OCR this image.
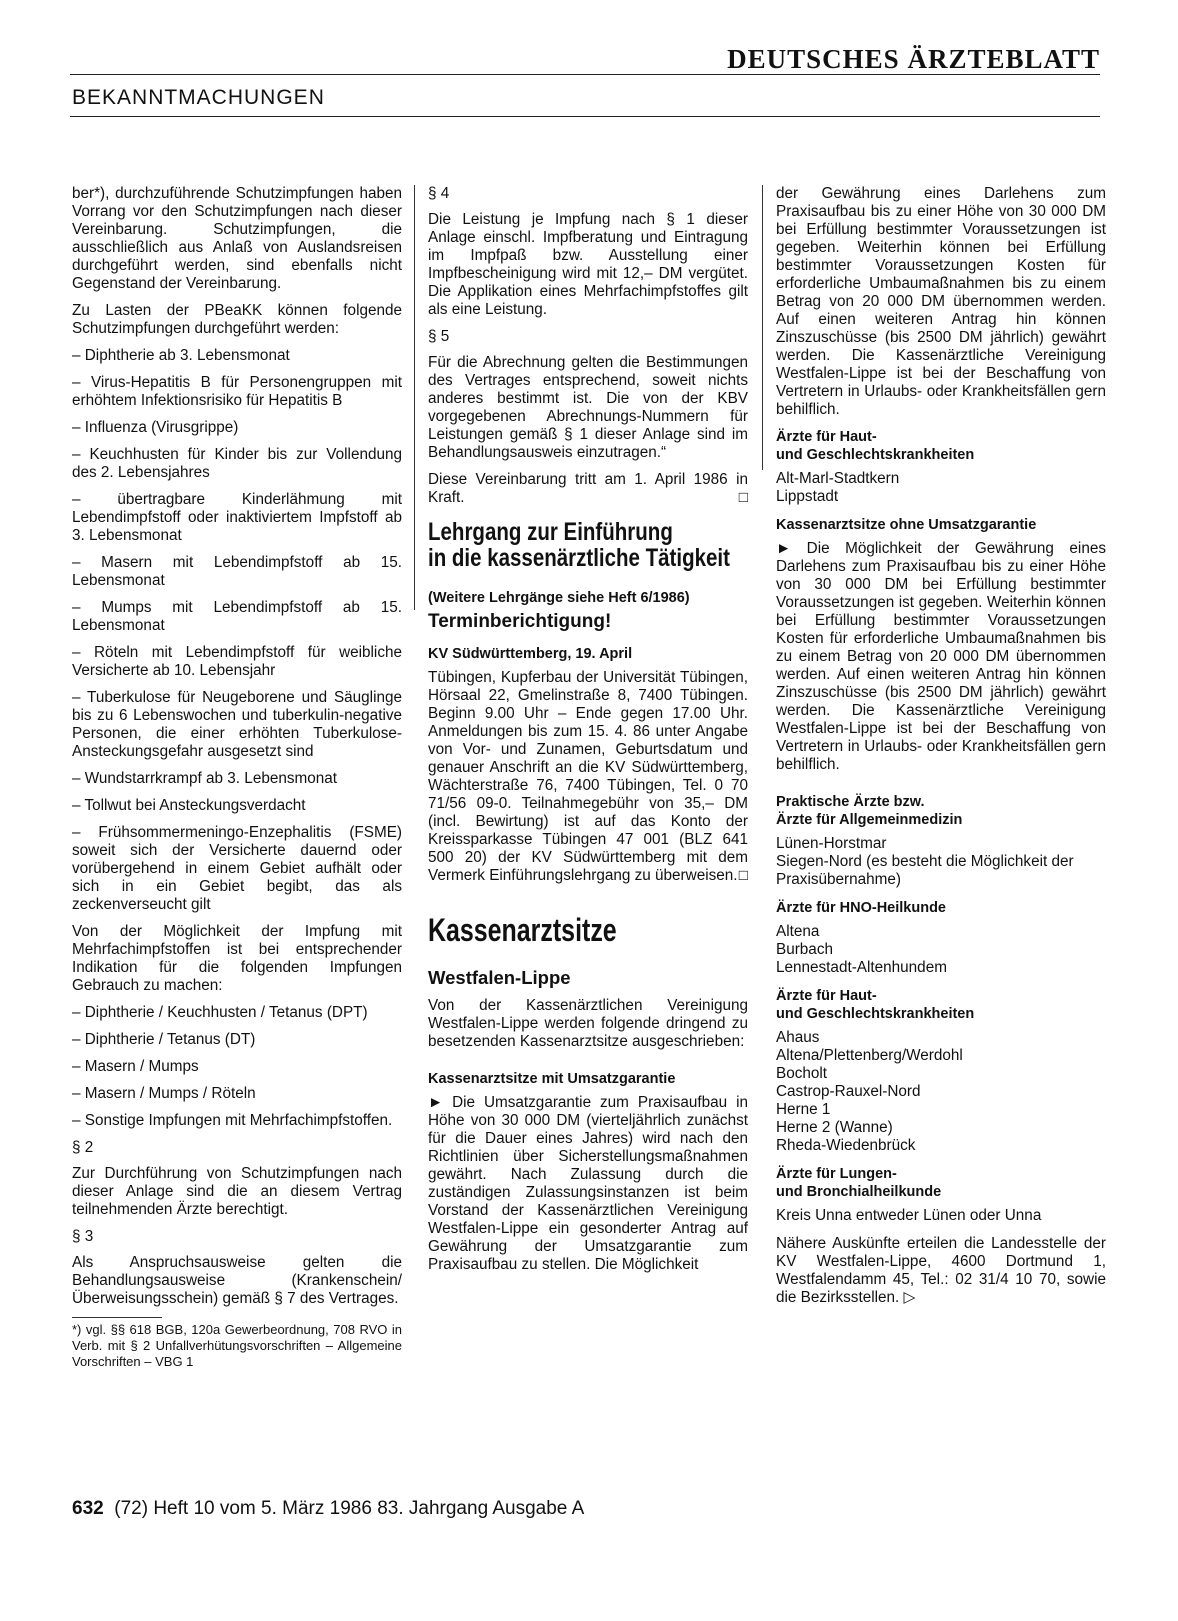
DEUTSCHES ÄRZTEBLATT
BEKANNTMACHUNGEN

ber*), durchzuführende Schutzimpfungen haben Vorrang vor den Schutzimpfungen nach dieser Vereinbarung. Schutzimpfungen, die ausschließlich aus Anlaß von Auslandsreisen durchgeführt werden, sind ebenfalls nicht Gegenstand der Vereinbarung.

Zu Lasten der PBeaKK können folgende Schutzimpfungen durchgeführt werden:

– Diphtherie ab 3. Lebensmonat

– Virus-Hepatitis B für Personengruppen mit erhöhtem Infektionsrisiko für Hepatitis B

– Influenza (Virusgrippe)

– Keuchhusten für Kinder bis zur Vollendung des 2. Lebensjahres

– übertragbare Kinderlähmung mit Lebendimpfstoff oder inaktiviertem Impfstoff ab 3. Lebensmonat

– Masern mit Lebendimpfstoff ab 15. Lebensmonat

– Mumps mit Lebendimpfstoff ab 15. Lebensmonat

– Röteln mit Lebendimpfstoff für weibliche Versicherte ab 10. Lebensjahr

– Tuberkulose für Neugeborene und Säuglinge bis zu 6 Lebenswochen und tuberkulin-negative Personen, die einer erhöhten Tuberkulose-Ansteckungsgefahr ausgesetzt sind

– Wundstarrkrampf ab 3. Lebensmonat

– Tollwut bei Ansteckungsverdacht

– Frühsommermeningo-Enzephalitis (FSME) soweit sich der Versicherte dauernd oder vorübergehend in einem Gebiet aufhält oder sich in ein Gebiet begibt, das als zeckenverseucht gilt

Von der Möglichkeit der Impfung mit Mehrfachimpfstoffen ist bei entsprechender Indikation für die folgenden Impfungen Gebrauch zu machen:

– Diphtherie / Keuchhusten / Tetanus (DPT)

– Diphtherie / Tetanus (DT)

– Masern / Mumps

– Masern / Mumps / Röteln

– Sonstige Impfungen mit Mehrfachimpfstoffen.

§ 2

Zur Durchführung von Schutzimpfungen nach dieser Anlage sind die an diesem Vertrag teilnehmenden Ärzte berechtigt.

§ 3

Als Anspruchsausweise gelten die Behandlungsausweise (Krankenschein/ Überweisungsschein) gemäß § 7 des Vertrages.

*) vgl. §§ 618 BGB, 120a Gewerbeordnung, 708 RVO in Verb. mit § 2 Unfallverhütungsvorschriften – Allgemeine Vorschriften – VBG 1

§ 4

Die Leistung je Impfung nach § 1 dieser Anlage einschl. Impfberatung und Eintragung im Impfpaß bzw. Ausstellung einer Impfbescheinigung wird mit 12,– DM vergütet. Die Applikation eines Mehrfachimpfstoffes gilt als eine Leistung.

§ 5

Für die Abrechnung gelten die Bestimmungen des Vertrages entsprechend, soweit nichts anderes bestimmt ist. Die von der KBV vorgegebenen Abrechnungs-Nummern für Leistungen gemäß § 1 dieser Anlage sind im Behandlungsausweis einzutragen.“

Diese Vereinbarung tritt am 1. April 1986 in Kraft.	□

Lehrgang zur Einführung
in die kassenärztliche Tätigkeit

(Weitere Lehrgänge siehe Heft 6/1986)

Terminberichtigung!

KV Südwürttemberg, 19. April

Tübingen, Kupferbau der Universität Tübingen, Hörsaal 22, Gmelinstraße 8, 7400 Tübingen. Beginn 9.00 Uhr – Ende gegen 17.00 Uhr. Anmeldungen bis zum 15. 4. 86 unter Angabe von Vor- und Zunamen, Geburtsdatum und genauer Anschrift an die KV Südwürttemberg, Wächterstraße 76, 7400 Tübingen, Tel. 0 70 71/56 09-0. Teilnahmegebühr von 35,– DM (incl. Bewirtung) ist auf das Konto der Kreissparkasse Tübingen 47 001 (BLZ 641 500 20) der KV Südwürttemberg mit dem Vermerk Einführungslehrgang zu überweisen. □

Kassenarztsitze

Westfalen-Lippe

Von der Kassenärztlichen Vereinigung Westfalen-Lippe werden folgende dringend zu besetzenden Kassenarztsitze ausgeschrieben:

Kassenarztsitze mit Umsatzgarantie

► Die Umsatzgarantie zum Praxisaufbau in Höhe von 30 000 DM (vierteljährlich zunächst für die Dauer eines Jahres) wird nach den Richtlinien über Sicherstellungsmaßnahmen gewährt. Nach Zulassung durch die zuständigen Zulassungsinstanzen ist beim Vorstand der Kassenärztlichen Vereinigung Westfalen-Lippe ein gesonderter Antrag auf Gewährung der Umsatzgarantie zum Praxisaufbau zu stellen. Die Möglichkeit

der Gewährung eines Darlehens zum Praxisaufbau bis zu einer Höhe von 30 000 DM bei Erfüllung bestimmter Voraussetzungen ist gegeben. Weiterhin können bei Erfüllung bestimmter Voraussetzungen Kosten für erforderliche Umbaumaßnahmen bis zu einem Betrag von 20 000 DM übernommen werden. Auf einen weiteren Antrag hin können Zinszuschüsse (bis 2500 DM jährlich) gewährt werden. Die Kassenärztliche Vereinigung Westfalen-Lippe ist bei der Beschaffung von Vertretern in Urlaubs- oder Krankheitsfällen gern behilflich.

Ärzte für Haut-
und Geschlechtskrankheiten

Alt-Marl-Stadtkern

Lippstadt

Kassenarztsitze ohne Umsatzgarantie

► Die Möglichkeit der Gewährung eines Darlehens zum Praxisaufbau bis zu einer Höhe von 30 000 DM bei Erfüllung bestimmter Voraussetzungen ist gegeben. Weiterhin können bei Erfüllung bestimmter Voraussetzungen Kosten für erforderliche Umbaumaßnahmen bis zu einem Betrag von 20 000 DM übernommen werden. Auf einen weiteren Antrag hin können Zinszuschüsse (bis 2500 DM jährlich) gewährt werden. Die Kassenärztliche Vereinigung Westfalen-Lippe ist bei der Beschaffung von Vertretern in Urlaubs- oder Krankheitsfällen gern behilflich.

Praktische Ärzte bzw.
Ärzte für Allgemeinmedizin

Lünen-Horstmar

Siegen-Nord (es besteht die Möglichkeit der Praxisübernahme)

Ärzte für HNO-Heilkunde

Altena

Burbach

Lennestadt-Altenhundem

Ärzte für Haut-
und Geschlechtskrankheiten

Ahaus

Altena/Plettenberg/Werdohl

Bocholt

Castrop-Rauxel-Nord

Herne 1

Herne 2 (Wanne)

Rheda-Wiedenbrück

Ärzte für Lungen-
und Bronchialheilkunde

Kreis Unna entweder Lünen oder Unna

Nähere Auskünfte erteilen die Landesstelle der KV Westfalen-Lippe, 4600 Dortmund 1, Westfalendamm 45, Tel.: 02 31/4 10 70, sowie die Bezirksstellen. ▷

632 (72) Heft 10 vom 5. März 1986 83. Jahrgang Ausgabe A
